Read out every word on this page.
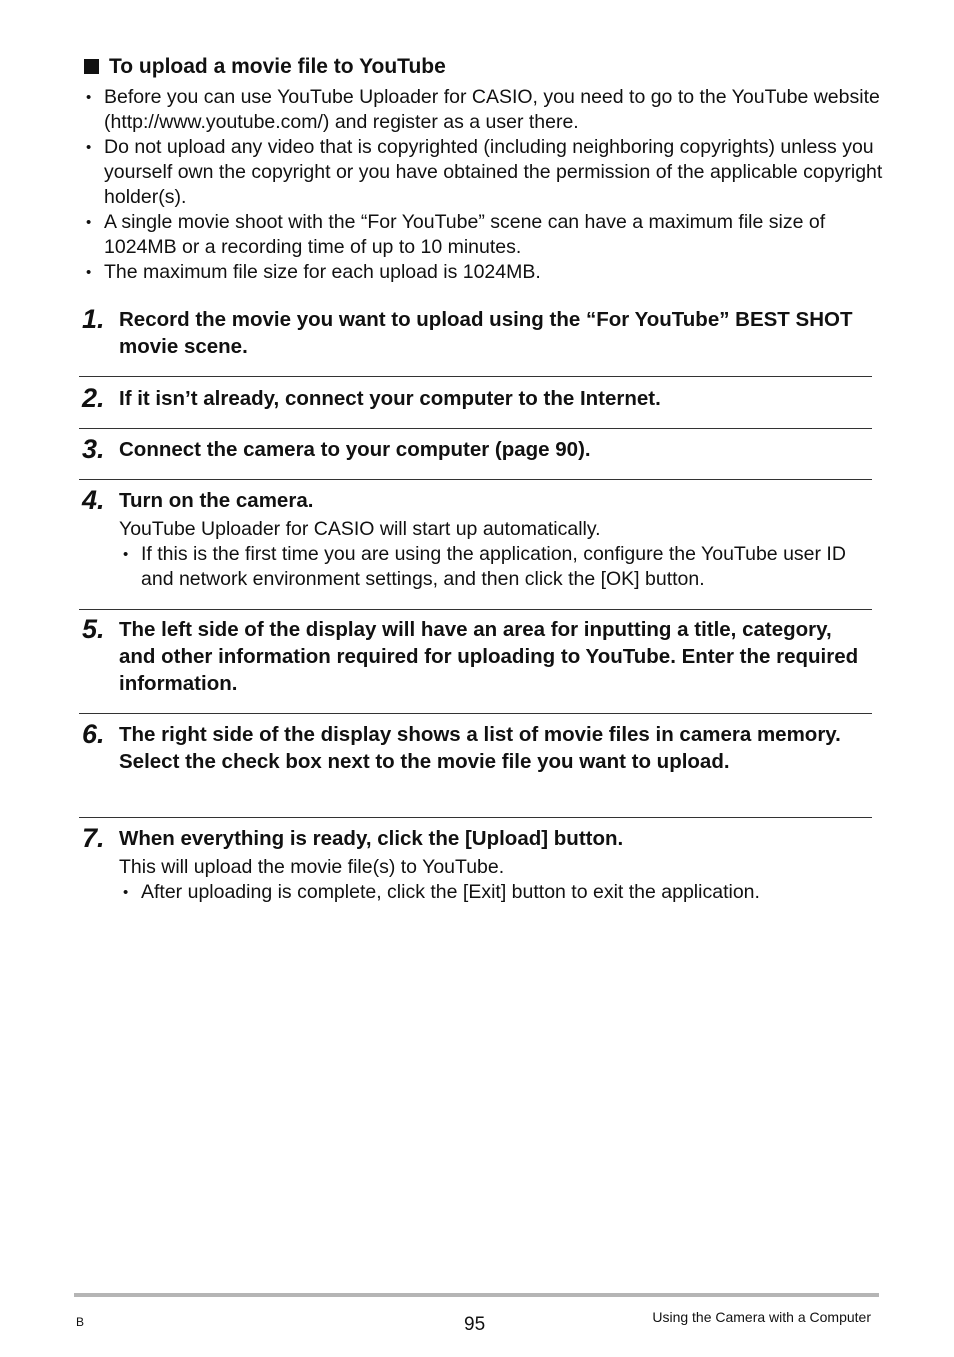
To upload a movie file to YouTube
• Before you can use YouTube Uploader for CASIO, you need to go to the YouTube website (http://www.youtube.com/) and register as a user there.
• Do not upload any video that is copyrighted (including neighboring copyrights) unless you yourself own the copyright or you have obtained the permission of the applicable copyright holder(s).
• A single movie shoot with the “For YouTube” scene can have a maximum file size of 1024MB or a recording time of up to 10 minutes.
• The maximum file size for each upload is 1024MB.
1. Record the movie you want to upload using the “For YouTube” BEST SHOT movie scene.

2. If it isn’t already, connect your computer to the Internet.

3. Connect the camera to your computer (page 90).

4. Turn on the camera.

YouTube Uploader for CASIO will start up automatically.

• If this is the first time you are using the application, configure the YouTube user ID and network environment settings, and then click the [OK] button.
5. The left side of the display will have an area for inputting a title, category, and other information required for uploading to YouTube. Enter the required information.

6. The right side of the display shows a list of movie files in camera memory. Select the check box next to the movie file you want to upload.

7. When everything is ready, click the [Upload] button.

This will upload the movie file(s) to YouTube.

• After uploading is complete, click the [Exit] button to exit the application.
B	95	Using the Camera with a Computer
